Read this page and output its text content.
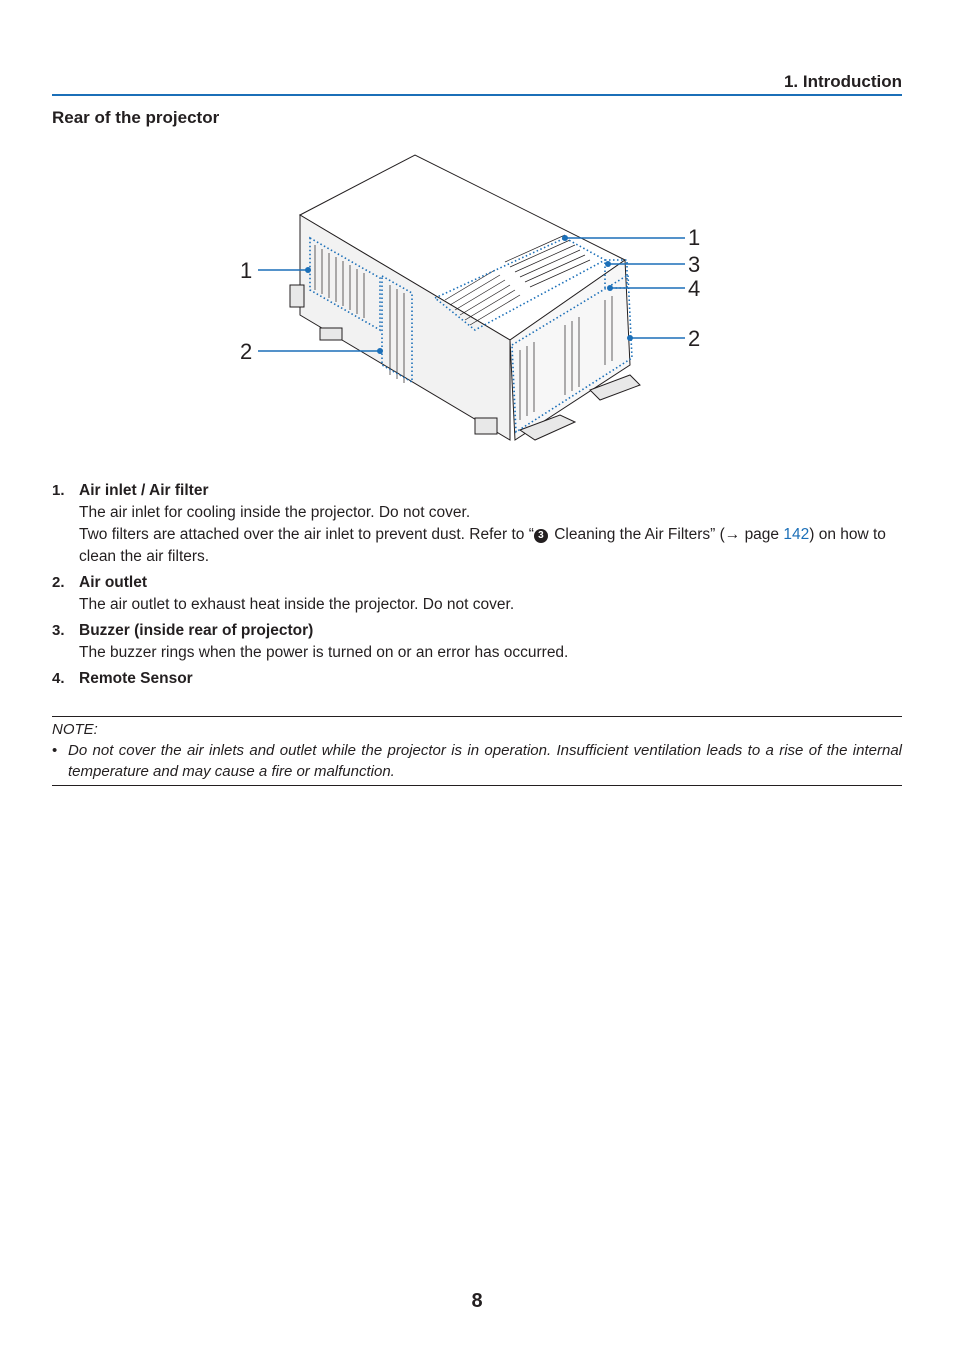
1. Introduction
Rear of the projector
1
2
1
3
4
2
1. Air inlet / Air filter

The air inlet for cooling inside the projector. Do not cover.

Two filters are attached over the air inlet to prevent dust. Refer to “ 3 Cleaning the Air Filters” (→ page 142) on how to clean the air filters.

2. Air outlet

The air outlet to exhaust heat inside the projector. Do not cover.

3. Buzzer (inside rear of projector)

The buzzer rings when the power is turned on or an error has occurred.

4. Remote Sensor

NOTE:
• Do not cover the air inlets and outlet while the projector is in operation. Insufficient ventilation leads to a rise of the internal temperature and may cause a fire or malfunction.
8
